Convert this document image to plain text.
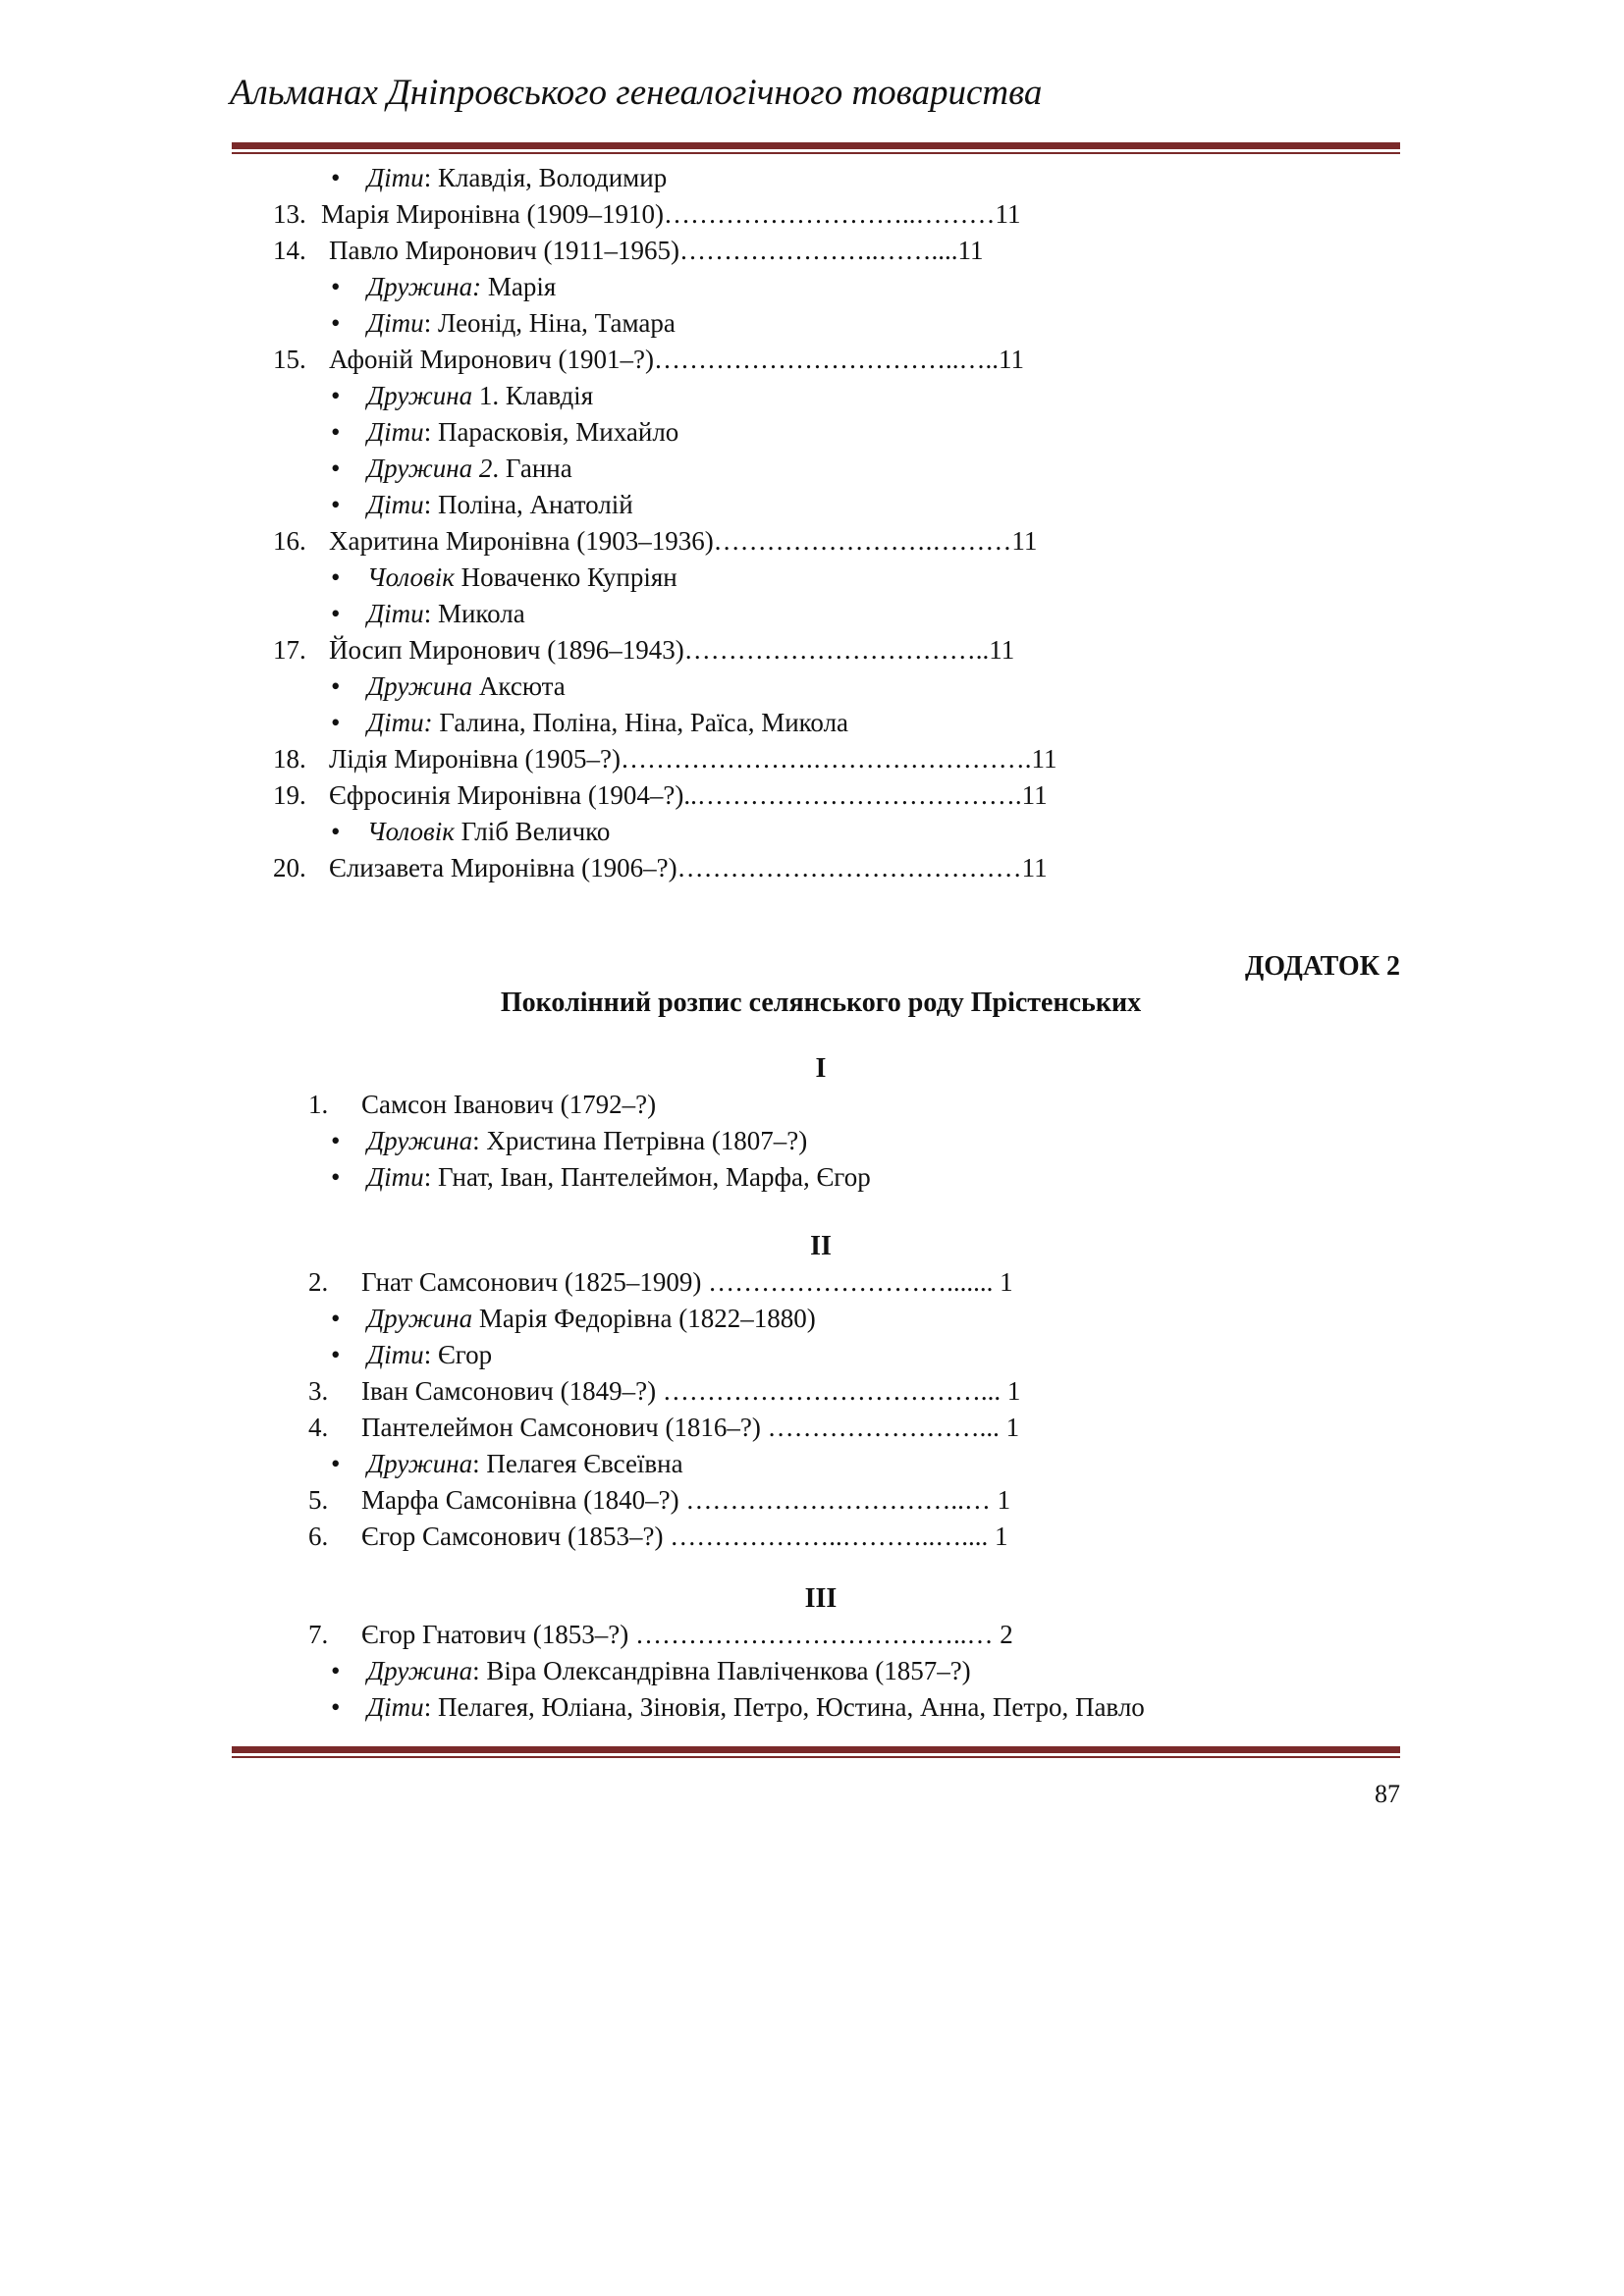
Альманах Дніпровського генеалогічного товариства
• Діти: Клавдія, Володимир
13. Марія Миронівна (1909–1910)………………………..………11
14. Павло Миронович (1911–1965)…………………..……....11
• Дружина: Марія
• Діти: Леонід, Ніна, Тамара
15. Афоній Миронович (1901–?)……………………………..…..11
• Дружина 1. Клавдія
• Діти: Парасковія, Михайло
• Дружина 2. Ганна
• Діти: Поліна, Анатолій
16. Харитина Миронівна (1903–1936)…………………….………11
• Чоловік Новаченко Купріян
• Діти: Микола
17. Йосип Миронович (1896–1943)……………………………..11
• Дружина Аксюта
• Діти: Галина, Поліна, Ніна, Раїса, Микола
18. Лідія Миронівна (1905–?)………………….…………………….11
19. Єфросинія Миронівна (1904–?)..……………………………….11
• Чоловік Гліб Величко
20. Єлизавета Миронівна (1906–?)…………………………………11
ДОДАТОК 2
Поколінний розпис селянського роду Прістенських
I
1. Самсон Іванович (1792–?)
• Дружина: Христина Петрівна (1807–?)
• Діти: Гнат, Іван, Пантелеймон, Марфа, Єгор
II
2. Гнат Самсонович (1825–1909) ………………………....... 1
• Дружина Марія Федорівна (1822–1880)
• Діти: Єгор
3. Іван Самсонович (1849–?) ………………………………... 1
4. Пантелеймон Самсонович (1816–?) ……………………... 1
• Дружина: Пелагея Євсеївна
5. Марфа Самсонівна (1840–?) …………………………..… 1
6. Єгор Самсонович (1853–?) ………………..………..….... 1
III
7. Єгор Гнатович (1853–?) ………………………………..… 2
• Дружина: Віра Олександрівна Павліченкова (1857–?)
• Діти: Пелагея, Юліана, Зіновія, Петро, Юстина, Анна, Петро, Павло
87
